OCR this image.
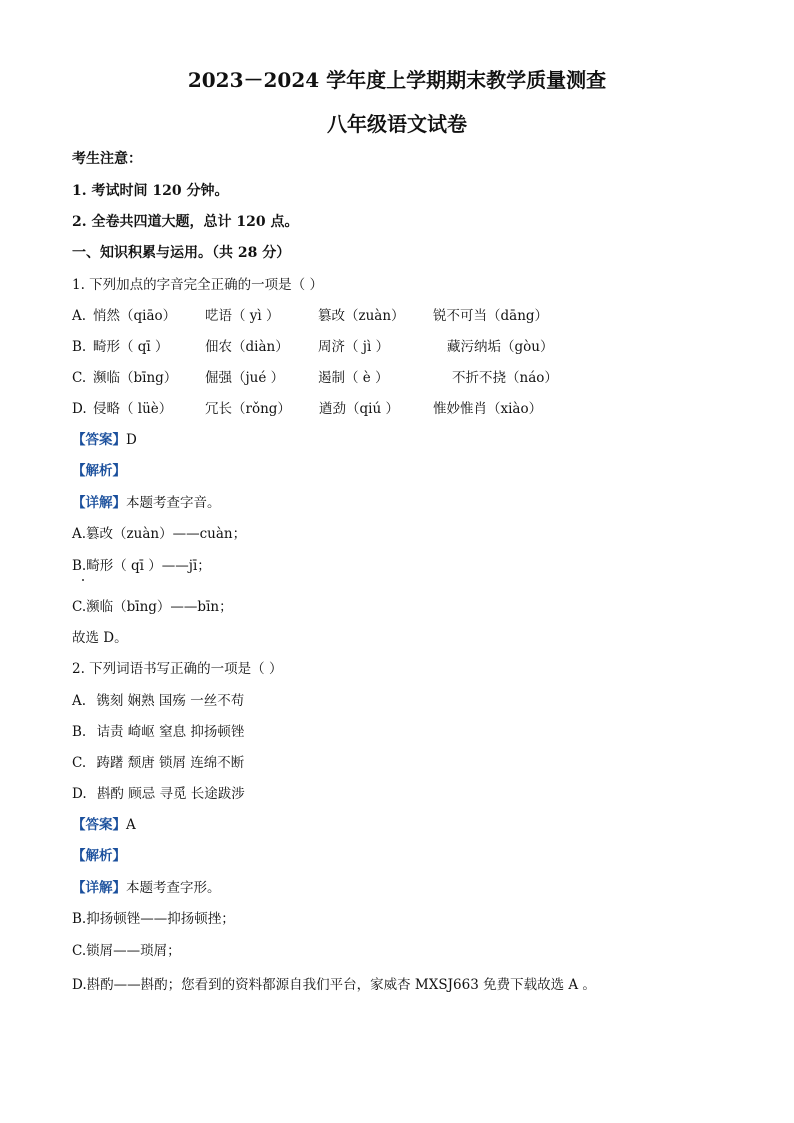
2023－2024 学年度上学期期末教学质量测查
八年级语文试卷
考生注意：
1. 考试时间 120 分钟。
2. 全卷共四道大题，总计 120 点。
一、知识积累与运用。（共 28 分）
1. 下列加点的字音完全正确的一项是（ ）
A. 悄然（qiāo） 呓语（ yì ）	篡改（zuàn） 锐不可当（dāng）
B. 畸形（ qī ）	佃农（diàn） 周济（ jì ）	藏污纳垢（gòu）
C. 濒临（bīng） 倔强（jué ）	遏制（ è ）	不折不挠（náo）
D. 侵略（ lüè） 冗长（rǒng） 遒劲（qiú ）	惟妙惟肖（xiào）
【答案】D
【解析】
【详解】本题考查字音。
A.篡改（zuàn）——cuàn；
B.畸形（ qī ）——jī；
C.濒临（bīng）——bīn；
故选 D。
2. 下列词语书写正确的一项是（ ）
A. 镌刻 娴熟 国殇 一丝不苟
B. 诘责 崎岖 窒息 抑扬顿锉
C. 踌躇 颓唐 锁屑 连绵不断
D. 斟酌 顾忌 寻觅 长途跋涉
【答案】A
【解析】
【详解】本题考查字形。
B.抑扬顿锉——抑扬顿挫；
C.锁屑——琐屑；
D.斟酌——斟酌；您看到的资料都源自我们平台，家威杏 MXSJ663 免费下载故选 A 。
